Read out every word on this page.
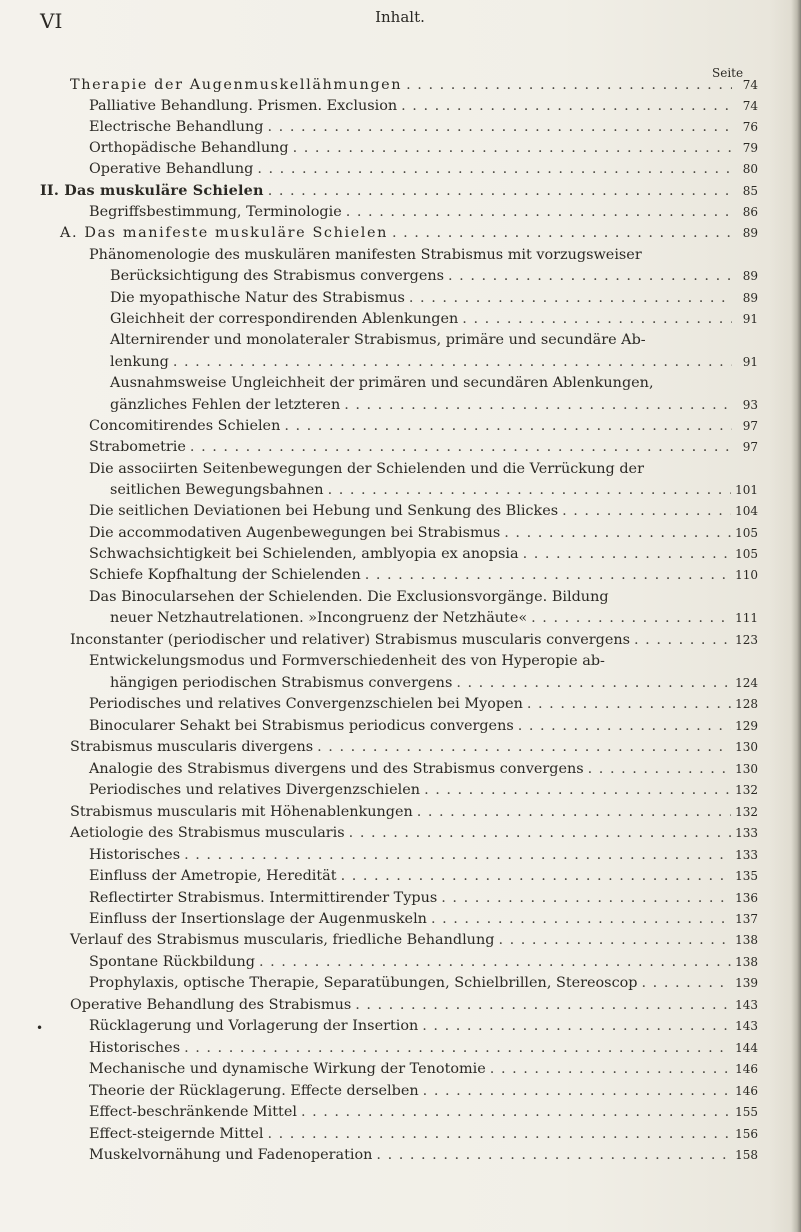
VI	Inhalt.
Seite
•
Therapie der Augenmuskellähmungen . . .	74
Palliative Behandlung. Prismen. Exclusion . . .	74
Electrische Behandlung . . .	76
Orthopädische Behandlung . . .	79
Operative Behandlung . . .	80
II. Das muskuläre Schielen . . .	85
Begriffsbestimmung, Terminologie . . .	86
A. Das manifeste muskuläre Schielen . . .	89
Phänomenologie des muskulären manifesten Strabismus mit vorzugsweiser
Berücksichtigung des Strabismus convergens . . .	89
Die myopathische Natur des Strabismus . . .	89
Gleichheit der correspondirenden Ablenkungen . . .	91
Alternirender und monolateraler Strabismus, primäre und secundäre Ab-
lenkung . . .	91
Ausnahmsweise Ungleichheit der primären und secundären Ablenkungen,
gänzliches Fehlen der letzteren . . .	93
Concomitirendes Schielen . . .	97
Strabometrie . . .	97
Die associirten Seitenbewegungen der Schielenden und die Verrückung der
seitlichen Bewegungsbahnen . . .	101
Die seitlichen Deviationen bei Hebung und Senkung des Blickes . . .	104
Die accommodativen Augenbewegungen bei Strabismus . . .	105
Schwachsichtigkeit bei Schielenden, amblyopia ex anopsia . . .	105
Schiefe Kopfhaltung der Schielenden . . .	110
Das Binocularsehen der Schielenden. Die Exclusionsvorgänge. Bildung
neuer Netzhautrelationen. »Incongruenz der Netzhäute« . . .	111
Inconstanter (periodischer und relativer) Strabismus muscularis convergens . . .	123
Entwickelungsmodus und Formverschiedenheit des von Hyperopie ab-
hängigen periodischen Strabismus convergens . . .	124
Periodisches und relatives Convergenzschielen bei Myopen . . .	128
Binocularer Sehakt bei Strabismus periodicus convergens . . .	129
Strabismus muscularis divergens . . .	130
Analogie des Strabismus divergens und des Strabismus convergens . . .	130
Periodisches und relatives Divergenzschielen . . .	132
Strabismus muscularis mit Höhenablenkungen . . .	132
Aetiologie des Strabismus muscularis . . .	133
Historisches . . .	133
Einfluss der Ametropie, Heredität . . .	135
Reflectirter Strabismus. Intermittirender Typus . . .	136
Einfluss der Insertionslage der Augenmuskeln . . .	137
Verlauf des Strabismus muscularis, friedliche Behandlung . . .	138
Spontane Rückbildung . . .	138
Prophylaxis, optische Therapie, Separatübungen, Schielbrillen, Stereoscop . . .	139
Operative Behandlung des Strabismus . . .	143
Rücklagerung und Vorlagerung der Insertion . . .	143
Historisches . . .	144
Mechanische und dynamische Wirkung der Tenotomie . . .	146
Theorie der Rücklagerung. Effecte derselben . . .	146
Effect-beschränkende Mittel . . .	155
Effect-steigernde Mittel . . .	156
Muskelvornähung und Fadenoperation . . .	158
